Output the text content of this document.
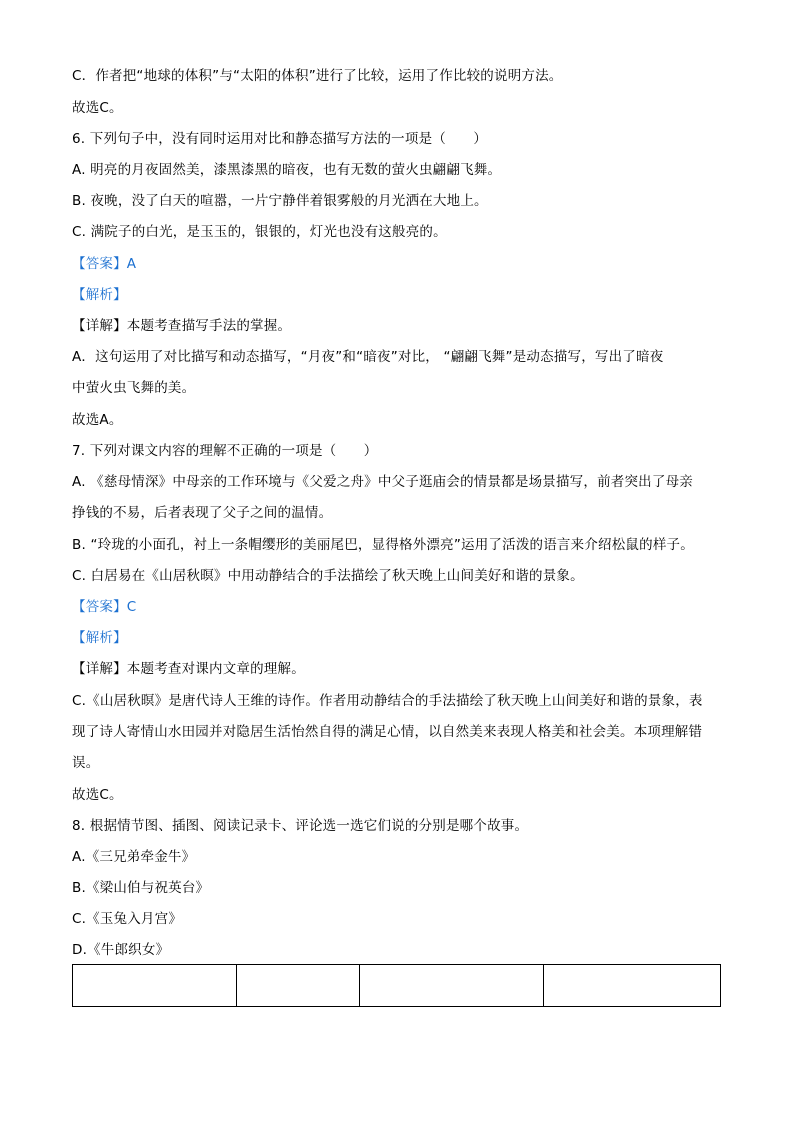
C．作者把“地球的体积”与“太阳的体积”进行了比较，运用了作比较的说明方法。
故选C。
6. 下列句子中，没有同时运用对比和静态描写方法的一项是（　　）
A. 明亮的月夜固然美，漆黑漆黑的暗夜，也有无数的萤火虫翩翩飞舞。
B. 夜晚，没了白天的喧嚣，一片宁静伴着银雾般的月光洒在大地上。
C. 满院子的白光，是玉玉的，银银的，灯光也没有这般亮的。
【答案】A
【解析】
【详解】本题考查描写手法的掌握。
A．这句运用了对比描写和动态描写，“月夜”和“暗夜”对比， “翩翩飞舞”是动态描写，写出了暗夜
中萤火虫飞舞的美。
故选A。
7. 下列对课文内容的理解不正确的一项是（　　）
A. 《慈母情深》中母亲的工作环境与《父爱之舟》中父子逛庙会的情景都是场景描写，前者突出了母亲
挣钱的不易，后者表现了父子之间的温情。
B. “玲珑的小面孔，衬上一条帽缨形的美丽尾巴，显得格外漂亮”运用了活泼的语言来介绍松鼠的样子。
C. 白居易在《山居秋暝》中用动静结合的手法描绘了秋天晚上山间美好和谐的景象。
【答案】C
【解析】
【详解】本题考查对课内文章的理解。
C.《山居秋暝》是唐代诗人王维的诗作。作者用动静结合的手法描绘了秋天晚上山间美好和谐的景象，表
现了诗人寄情山水田园并对隐居生活怡然自得的满足心情，以自然美来表现人格美和社会美。本项理解错
误。
故选C。
8. 根据情节图、插图、阅读记录卡、评论选一选它们说的分别是哪个故事。
A.《三兄弟牵金牛》
B.《梁山伯与祝英台》
C.《玉兔入月宫》
D.《牛郎织女》
